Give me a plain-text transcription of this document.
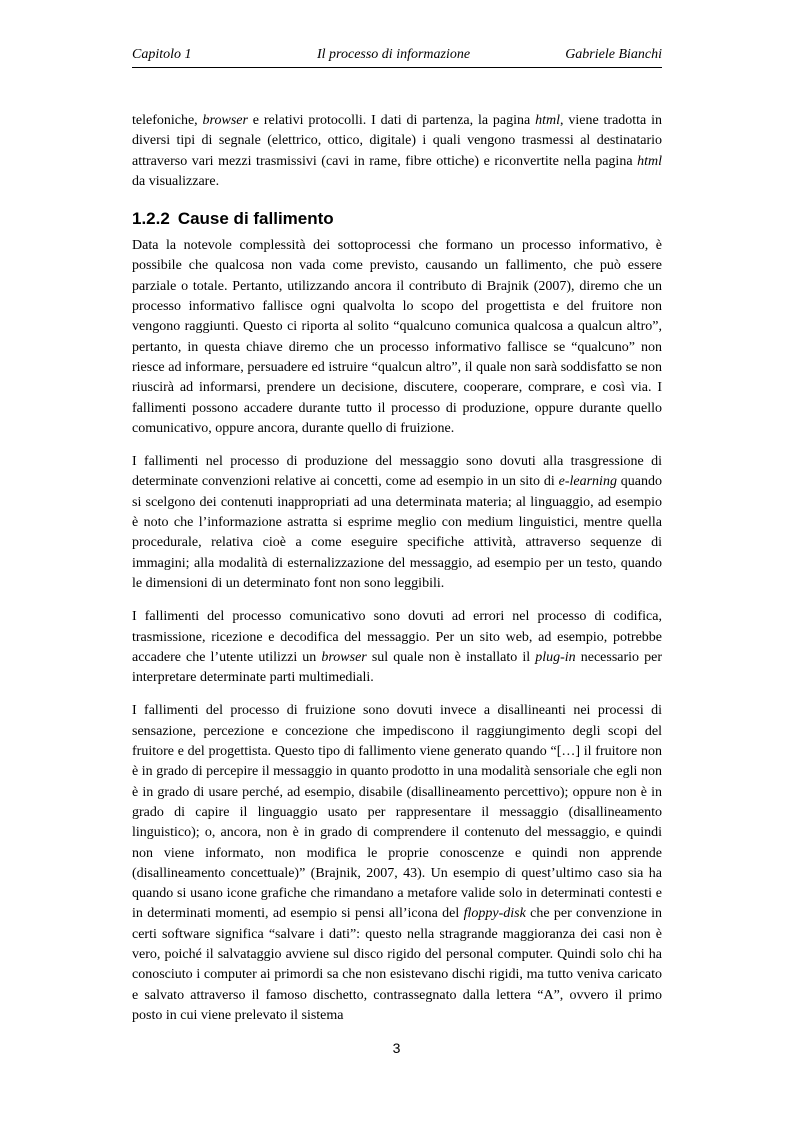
Capitolo 1	Il processo di informazione	Gabriele Bianchi

telefoniche, browser e relativi protocolli. I dati di partenza, la pagina html, viene tradotta in diversi tipi di segnale (elettrico, ottico, digitale) i quali vengono trasmessi al destinatario attraverso vari mezzi trasmissivi (cavi in rame, fibre ottiche) e riconvertite nella pagina html da visualizzare.

1.2.2 Cause di fallimento

Data la notevole complessità dei sottoprocessi che formano un processo informativo, è possibile che qualcosa non vada come previsto, causando un fallimento, che può essere parziale o totale. Pertanto, utilizzando ancora il contributo di Brajnik (2007), diremo che un processo informativo fallisce ogni qualvolta lo scopo del progettista e del fruitore non vengono raggiunti. Questo ci riporta al solito “qualcuno comunica qualcosa a qualcun altro”, pertanto, in questa chiave diremo che un processo informativo fallisce se “qualcuno” non riesce ad informare, persuadere ed istruire “qualcun altro”, il quale non sarà soddisfatto se non riuscirà ad informarsi, prendere un decisione, discutere, cooperare, comprare, e così via. I fallimenti possono accadere durante tutto il processo di produzione, oppure durante quello comunicativo, oppure ancora, durante quello di fruizione.

I fallimenti nel processo di produzione del messaggio sono dovuti alla trasgressione di determinate convenzioni relative ai concetti, come ad esempio in un sito di e-learning quando si scelgono dei contenuti inappropriati ad una determinata materia; al linguaggio, ad esempio è noto che l’informazione astratta si esprime meglio con medium linguistici, mentre quella procedurale, relativa cioè a come eseguire specifiche attività, attraverso sequenze di immagini; alla modalità di esternalizzazione del messaggio, ad esempio per un testo, quando le dimensioni di un determinato font non sono leggibili.

I fallimenti del processo comunicativo sono dovuti ad errori nel processo di codifica, trasmissione, ricezione e decodifica del messaggio. Per un sito web, ad esempio, potrebbe accadere che l’utente utilizzi un browser sul quale non è installato il plug-in necessario per interpretare determinate parti multimediali.

I fallimenti del processo di fruizione sono dovuti invece a disallineanti nei processi di sensazione, percezione e concezione che impediscono il raggiungimento degli scopi del fruitore e del progettista. Questo tipo di fallimento viene generato quando “[…] il fruitore non è in grado di percepire il messaggio in quanto prodotto in una modalità sensoriale che egli non è in grado di usare perché, ad esempio, disabile (disallineamento percettivo); oppure non è in grado di capire il linguaggio usato per rappresentare il messaggio (disallineamento linguistico); o, ancora, non è in grado di comprendere il contenuto del messaggio, e quindi non viene informato, non modifica le proprie conoscenze e quindi non apprende (disallineamento concettuale)” (Brajnik, 2007, 43). Un esempio di quest’ultimo caso sia ha quando si usano icone grafiche che rimandano a metafore valide solo in determinati contesti e in determinati momenti, ad esempio si pensi all’icona del floppy-disk che per convenzione in certi software significa “salvare i dati”: questo nella stragrande maggioranza dei casi non è vero, poiché il salvataggio avviene sul disco rigido del personal computer. Quindi solo chi ha conosciuto i computer ai primordi sa che non esistevano dischi rigidi, ma tutto veniva caricato e salvato attraverso il famoso dischetto, contrassegnato dalla lettera “A”, ovvero il primo posto in cui viene prelevato il sistema

3
